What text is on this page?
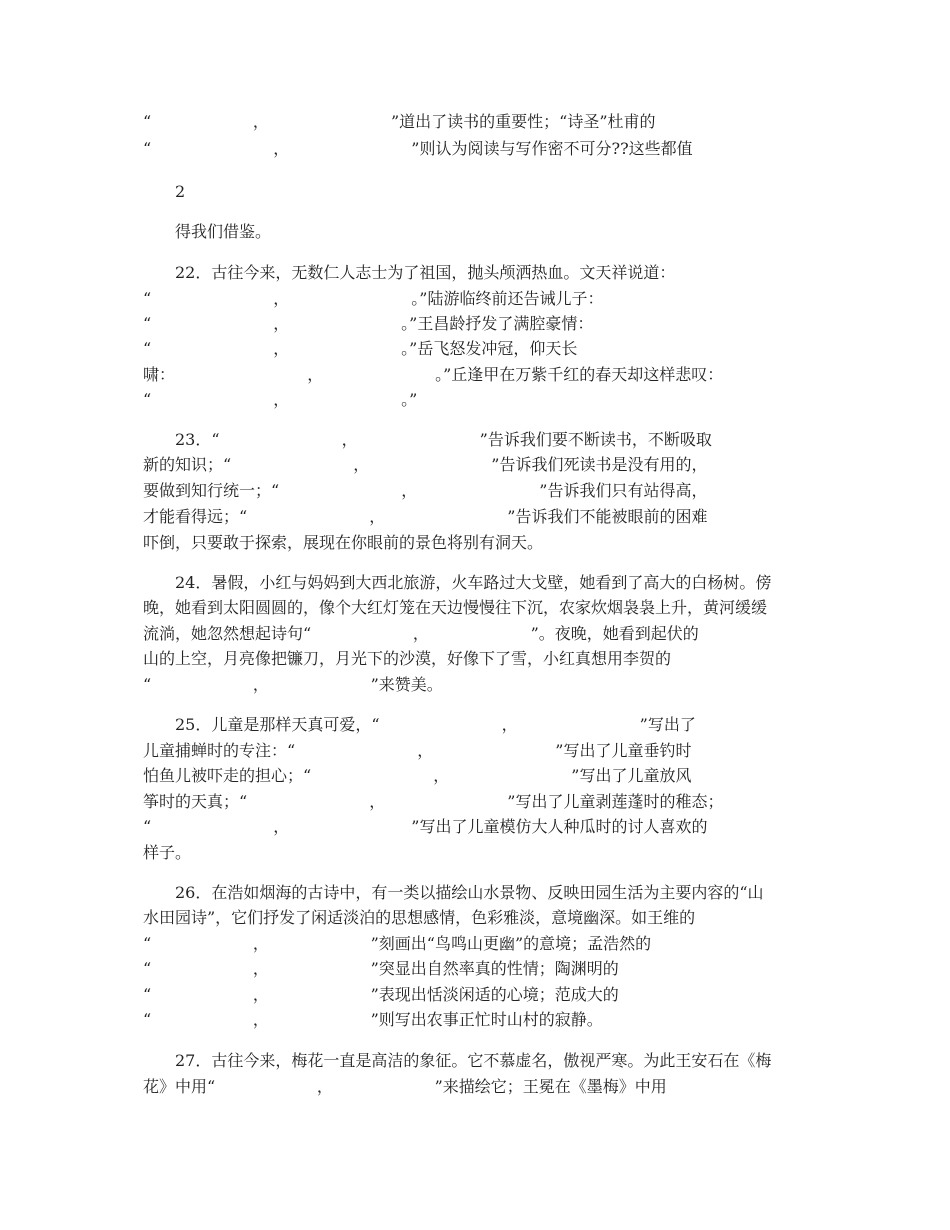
“                    ，                        ”道出了读书的重要性；“诗圣”杜甫的
“                        ，                        ”则认为阅读与写作密不可分??这些都值
2
得我们借鉴。
22．古往今来，无数仁人志士为了祖国，抛头颅洒热血。文天祥说道：
“                        ，                        。”陆游临终前还告诫儿子：
“                        ，                      。”王昌龄抒发了满腔豪情：
“                        ，                      。”岳飞怒发冲冠，仰天长
啸：                          ，                      。”丘逢甲在万紫千红的春天却这样悲叹：
“                        ，                      。”
23．“                        ，                        ”告诉我们要不断读书，不断吸取
新的知识；“                        ，                        ”告诉我们死读书是没有用的，
要做到知行统一；“                        ，                        ”告诉我们只有站得高，
才能看得远；“                        ，                        ”告诉我们不能被眼前的困难
吓倒，只要敢于探索，展现在你眼前的景色将别有洞天。
24．暑假，小红与妈妈到大西北旅游，火车路过大戈壁，她看到了高大的白杨树。傍
晚，她看到太阳圆圆的，像个大红灯笼在天边慢慢往下沉，农家炊烟袅袅上升，黄河缓缓
流淌，她忽然想起诗句“                    ，                    ”。夜晚，她看到起伏的
山的上空，月亮像把镰刀，月光下的沙漠，好像下了雪，小红真想用李贺的
“                    ，                    ”来赞美。
25．儿童是那样天真可爱，“                        ，                        ”写出了
儿童捕蝉时的专注：“                        ，                        ”写出了儿童垂钓时
怕鱼儿被吓走的担心；“                        ，                        ”写出了儿童放风
筝时的天真；“                        ，                        ”写出了儿童剥莲蓬时的稚态；
“                        ，                        ”写出了儿童模仿大人种瓜时的讨人喜欢的
样子。
26．在浩如烟海的古诗中，有一类以描绘山水景物、反映田园生活为主要内容的“山
水田园诗”，它们抒发了闲适淡泊的思想感情，色彩雅淡，意境幽深。如王维的
“                    ，                    ”刻画出“鸟鸣山更幽”的意境；孟浩然的
“                    ，                    ”突显出自然率真的性情；陶渊明的
“                    ，                    ”表现出恬淡闲适的心境；范成大的
“                    ，                    ”则写出农事正忙时山村的寂静。
27．古往今来，梅花一直是高洁的象征。它不慕虚名，傲视严寒。为此王安石在《梅
花》中用“                    ，                    ”来描绘它；王冕在《墨梅》中用
